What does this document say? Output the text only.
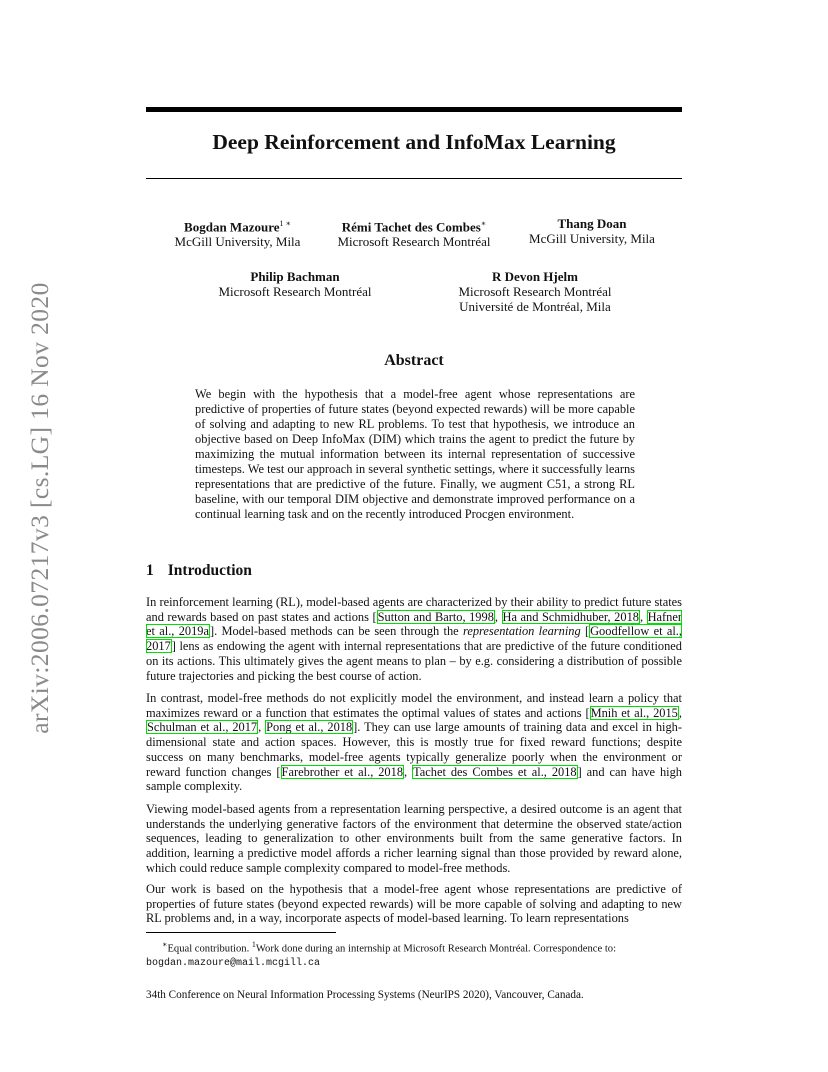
arXiv:2006.07217v3 [cs.LG] 16 Nov 2020
Deep Reinforcement and InfoMax Learning
Bogdan Mazoure$^{1 ∗}$
McGill University, Mila
Rémi Tachet des Combes∗
Microsoft Research Montréal
Thang Doan
McGill University, Mila
Philip Bachman
Microsoft Research Montréal
R Devon Hjelm
Microsoft Research Montréal
Université de Montréal, Mila
Abstract

We begin with the hypothesis that a model-free agent whose representations are predictive of properties of future states (beyond expected rewards) will be more capable of solving and adapting to new RL problems. To test that hypothesis, we introduce an objective based on Deep InfoMax (DIM) which trains the agent to predict the future by maximizing the mutual information between its internal representation of successive timesteps. We test our approach in several synthetic settings, where it successfully learns representations that are predictive of the future. Finally, we augment C51, a strong RL baseline, with our temporal DIM objective and demonstrate improved performance on a continual learning task and on the recently introduced Procgen environment.

1 Introduction

In reinforcement learning (RL), model-based agents are characterized by their ability to predict future states and rewards based on past states and actions [Sutton and Barto, 1998, Ha and Schmidhuber, 2018, Hafner et al., 2019a]. Model-based methods can be seen through the representation learning [Goodfellow et al., 2017] lens as endowing the agent with internal representations that are predictive of the future conditioned on its actions. This ultimately gives the agent means to plan – by e.g. considering a distribution of possible future trajectories and picking the best course of action.

In contrast, model-free methods do not explicitly model the environment, and instead learn a policy that maximizes reward or a function that estimates the optimal values of states and actions [Mnih et al., 2015, Schulman et al., 2017, Pong et al., 2018]. They can use large amounts of training data and excel in high-dimensional state and action spaces. However, this is mostly true for fixed reward functions; despite success on many benchmarks, model-free agents typically generalize poorly when the environment or reward function changes [Farebrother et al., 2018, Tachet des Combes et al., 2018] and can have high sample complexity.

Viewing model-based agents from a representation learning perspective, a desired outcome is an agent that understands the underlying generative factors of the environment that determine the observed state/action sequences, leading to generalization to other environments built from the same generative factors. In addition, learning a predictive model affords a richer learning signal than those provided by reward alone, which could reduce sample complexity compared to model-free methods.

Our work is based on the hypothesis that a model-free agent whose representations are predictive of properties of future states (beyond expected rewards) will be more capable of solving and adapting to new RL problems and, in a way, incorporate aspects of model-based learning. To learn representations

∗Equal contribution. $^1$Work done during an internship at Microsoft Research Montréal. Correspondence to:
bogdan.mazoure@mail.mcgill.ca

34th Conference on Neural Information Processing Systems (NeurIPS 2020), Vancouver, Canada.
